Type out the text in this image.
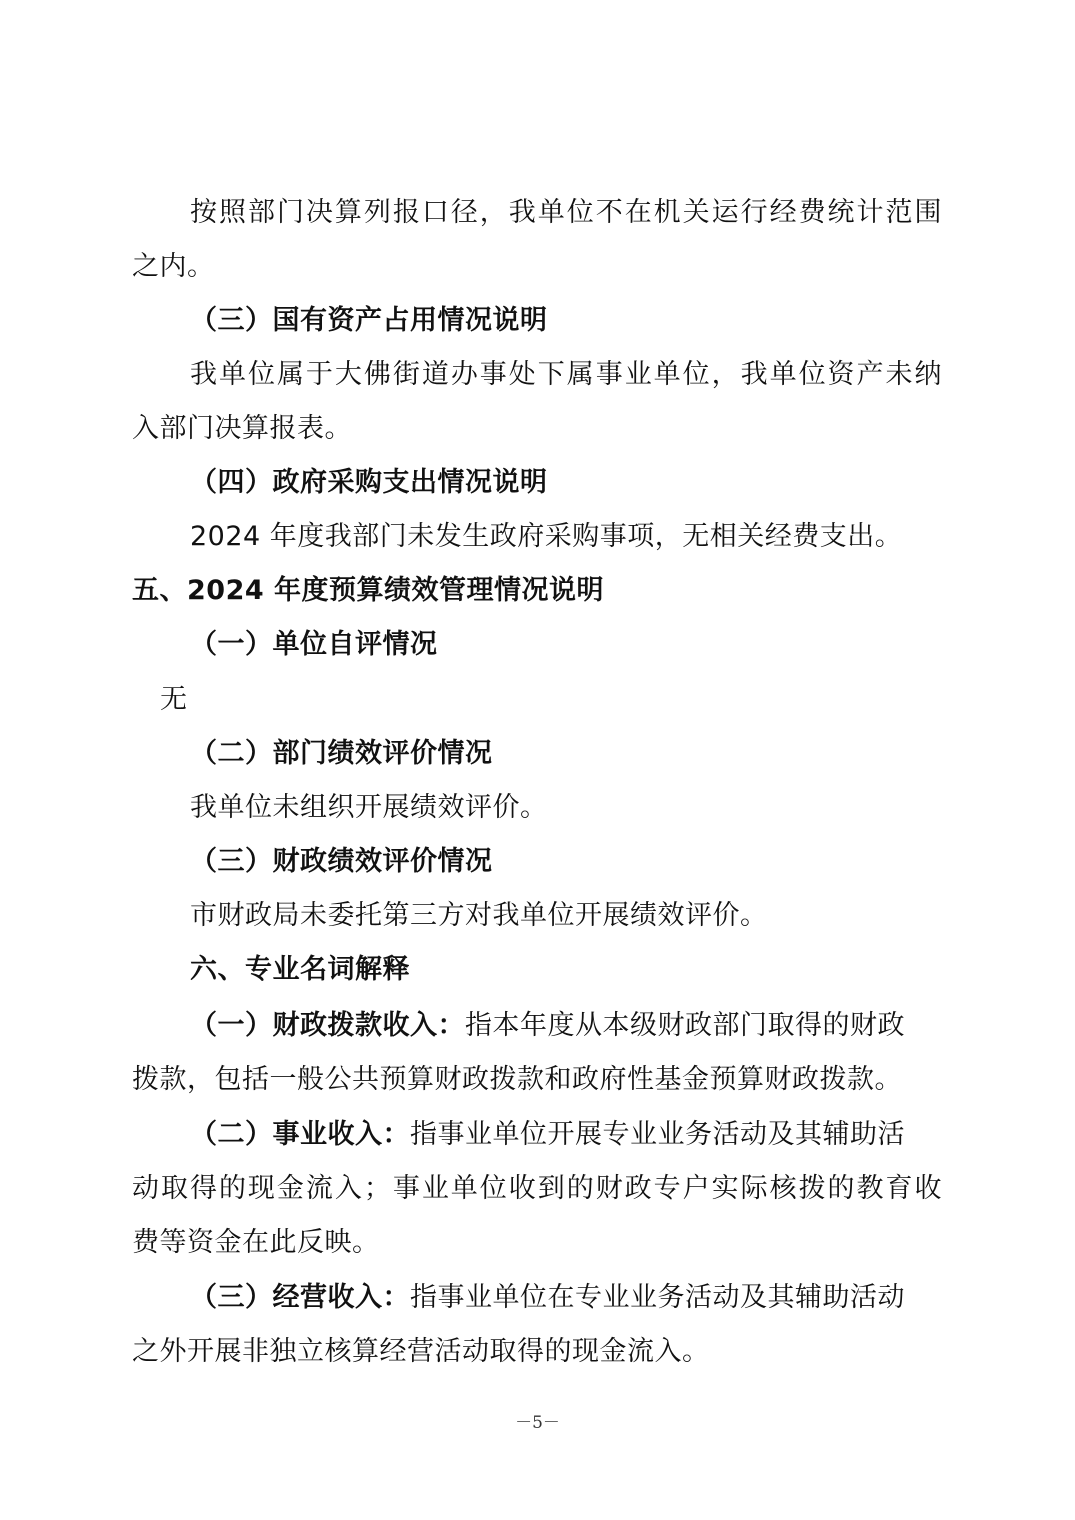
按照部门决算列报口径，我单位不在机关运行经费统计范围
之内。
（三）国有资产占用情况说明
我单位属于大佛街道办事处下属事业单位，我单位资产未纳
入部门决算报表。
（四）政府采购支出情况说明
2024 年度我部门未发生政府采购事项，无相关经费支出。
五、2024 年度预算绩效管理情况说明
（一）单位自评情况
无
（二）部门绩效评价情况
我单位未组织开展绩效评价。
（三）财政绩效评价情况
市财政局未委托第三方对我单位开展绩效评价。
六、专业名词解释
（一）财政拨款收入：指本年度从本级财政部门取得的财政
拨款，包括一般公共预算财政拨款和政府性基金预算财政拨款。
（二）事业收入：指事业单位开展专业业务活动及其辅助活
动取得的现金流入；事业单位收到的财政专户实际核拨的教育收
费等资金在此反映。
（三）经营收入：指事业单位在专业业务活动及其辅助活动
之外开展非独立核算经营活动取得的现金流入。
－5－
